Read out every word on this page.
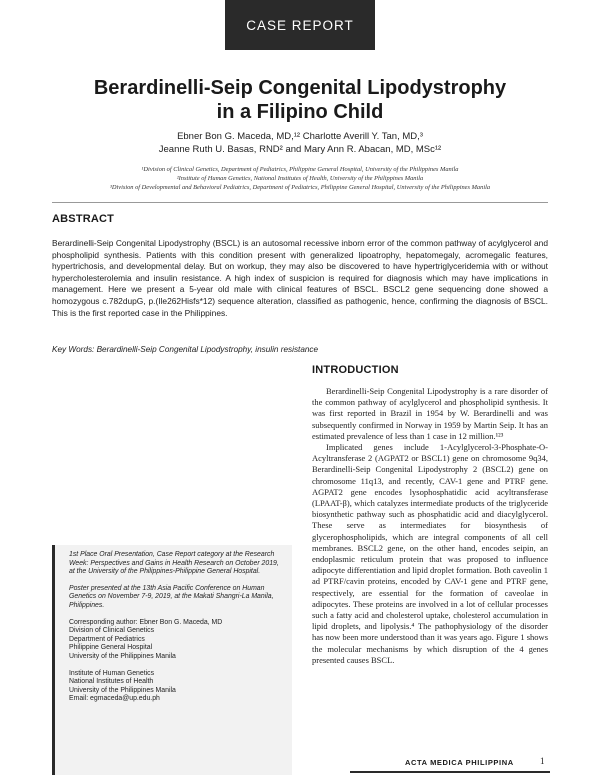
CASE REPORT
Berardinelli-Seip Congenital Lipodystrophy
in a Filipino Child
Ebner Bon G. Maceda, MD,¹² Charlotte Averill Y. Tan, MD,³
Jeanne Ruth U. Basas, RND² and Mary Ann R. Abacan, MD, MSc¹²
¹Division of Clinical Genetics, Department of Pediatrics, Philippine General Hospital, University of the Philippines Manila
²Institute of Human Genetics, National Institutes of Health, University of the Philippines Manila
³Division of Developmental and Behavioral Pediatrics, Department of Pediatrics, Philippine General Hospital, University of the Philippines Manila
ABSTRACT
Berardinelli-Seip Congenital Lipodystrophy (BSCL) is an autosomal recessive inborn error of the common pathway of acylglycerol and phospholipid synthesis. Patients with this condition present with generalized lipoatrophy, hepatomegaly, acromegalic features, hypertrichosis, and developmental delay. But on workup, they may also be discovered to have hypertriglyceridemia with or without hypercholesterolemia and insulin resistance. A high index of suspicion is required for diagnosis which may have implications in management. Here we present a 5-year old male with clinical features of BSCL. BSCL2 gene sequencing done showed a homozygous c.782dupG, p.(Ile262Hisfs*12) sequence alteration, classified as pathogenic, hence, confirming the diagnosis of BSCL. This is the first reported case in the Philippines.
Key Words: Berardinelli-Seip Congenital Lipodystrophy, insulin resistance
INTRODUCTION

Berardinelli-Seip Congenital Lipodystrophy is a rare disorder of the common pathway of acylglycerol and phospholipid synthesis. It was first reported in Brazil in 1954 by W. Berardinelli and was subsequently confirmed in Norway in 1959 by Martin Seip. It has an estimated prevalence of less than 1 case in 12 million.¹²³

Implicated genes include 1-Acylglycerol-3-Phosphate-O-Acyltransferase 2 (AGPAT2 or BSCL1) gene on chromosome 9q34, Berardinelli-Seip Congenital Lipodystrophy 2 (BSCL2) gene on chromosome 11q13, and recently, CAV-1 gene and PTRF gene. AGPAT2 gene encodes lysophosphatidic acid acyltransferase (LPAAT-β), which catalyzes intermediate products of the triglyceride biosynthetic pathway such as phosphatidic acid and diacylglycerol. These serve as intermediates for biosynthesis of glycerophospholipids, which are integral components of all cell membranes. BSCL2 gene, on the other hand, encodes seipin, an endoplasmic reticulum protein that was proposed to influence adipocyte differentiation and lipid droplet formation. Both caveolin 1 ad PTRF/cavin proteins, encoded by CAV-1 gene and PTRF gene, respectively, are essential for the formation of caveolae in adipocytes. These proteins are involved in a lot of cellular processes such a fatty acid and cholesterol uptake, cholesterol accumulation in lipid droplets, and lipolysis.⁴ The pathophysiology of the disorder has now been more understood than it was years ago. Figure 1 shows the molecular mechanisms by which disruption of the 4 genes presented causes BSCL.

1st Place Oral Presentation, Case Report category at the Research Week: Perspectives and Gains in Health Research on October 2019, at the University of the Philippines-Philippine General Hospital.

Poster presented at the 13th Asia Pacific Conference on Human Genetics on November 7-9, 2019, at the Makati Shangri-La Manila, Philippines.

Corresponding author: Ebner Bon G. Maceda, MD
Division of Clinical Genetics
Department of Pediatrics
Philippine General Hospital
University of the Philippines Manila

Institute of Human Genetics
National Institutes of Health
University of the Philippines Manila
Email: egmaceda@up.edu.ph

ACTA MEDICA PHILIPPINA	1
